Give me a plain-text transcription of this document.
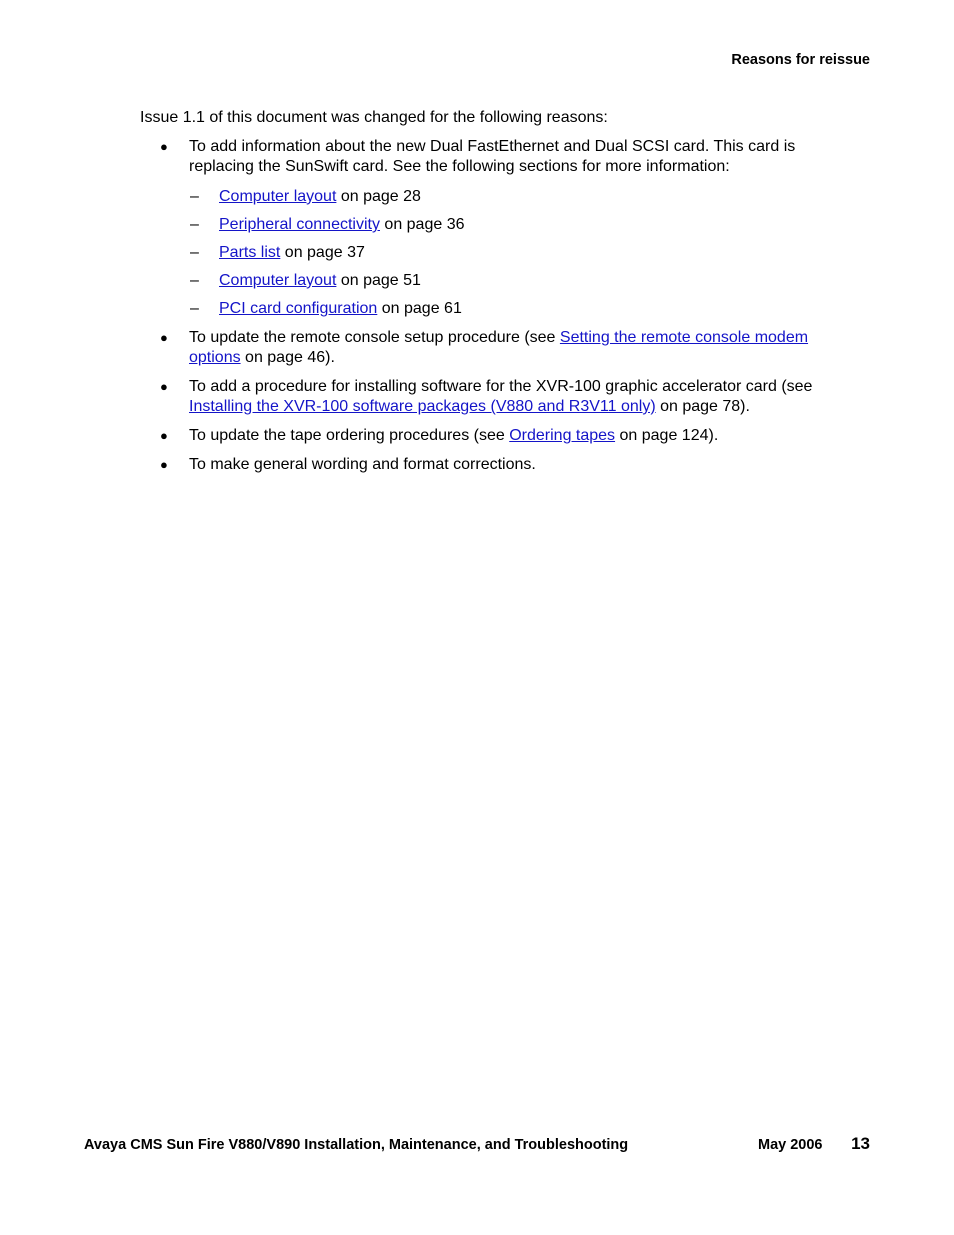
Reasons for reissue

Issue 1.1 of this document was changed for the following reasons:

● To add information about the new Dual FastEthernet and Dual SCSI card. This card is replacing the SunSwift card. See the following sections for more information:
– Computer layout on page 28
– Peripheral connectivity on page 36
– Parts list on page 37
– Computer layout on page 51
– PCI card configuration on page 61
● To update the remote console setup procedure (see Setting the remote console modem options on page 46).
● To add a procedure for installing software for the XVR-100 graphic accelerator card (see Installing the XVR-100 software packages (V880 and R3V11 only) on page 78).
● To update the tape ordering procedures (see Ordering tapes on page 124).
● To make general wording and format corrections.
Avaya CMS Sun Fire V880/V890 Installation, Maintenance, and Troubleshooting	May 2006 13
